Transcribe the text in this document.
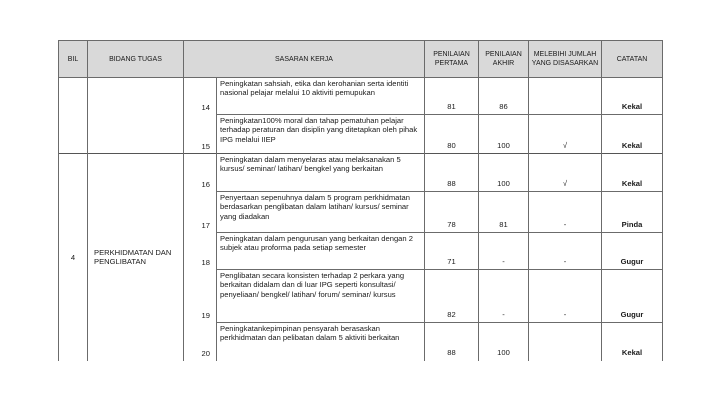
BIL	BIDANG TUGAS	SASARAN KERJA		PENILAIAN PERTAMA	PENILAIAN AKHIR	MELEBIHI JUMLAH YANG DISASARKAN	CATATAN
		14	Peningkatan sahsiah, etika dan kerohanian serta identiti nasional pelajar melalui 10 aktiviti pemupukan	81	86		Kekal
		15	Peningkatan100% moral dan tahap pematuhan pelajar terhadap peraturan dan disiplin yang ditetapkan oleh pihak IPG melalui IIEP	80	100	√	Kekal
4	PERKHIDMATAN DAN PENGLIBATAN	16	Peningkatan dalam menyelaras atau melaksanakan 5 kursus/ seminar/ latihan/ bengkel yang berkaitan	88	100	√	Kekal
		17	Penyertaan sepenuhnya dalam 5 program perkhidmatan berdasarkan penglibatan dalam latihan/ kursus/ seminar yang diadakan	78	81	-	Pinda
		18	Peningkatan dalam pengurusan yang berkaitan dengan 2 subjek atau proforma pada setiap semester	71	-	-	Gugur
		19	Penglibatan secara konsisten terhadap 2 perkara yang berkaitan didalam dan di luar IPG seperti konsultasi/ penyeliaan/ bengkel/ latihan/ forum/ seminar/ kursus	82	-	-	Gugur
		20	Peningkatankepimpinan pensyarah berasaskan perkhidmatan dan pelibatan dalam 5 aktiviti berkaitan	88	100		Kekal
